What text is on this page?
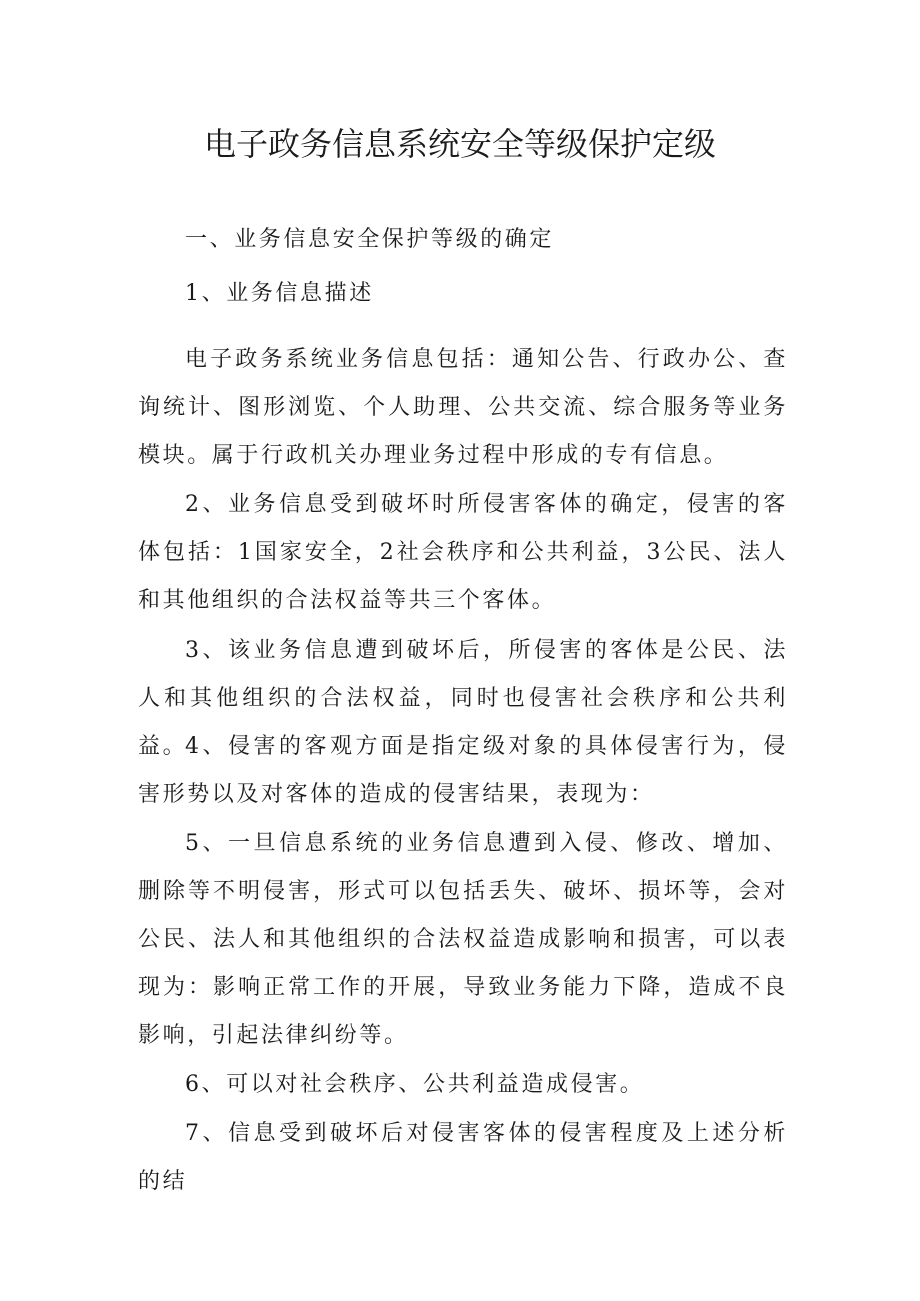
电子政务信息系统安全等级保护定级

一、业务信息安全保护等级的确定

1、业务信息描述

电子政务系统业务信息包括：通知公告、行政办公、查询统计、图形浏览、个人助理、公共交流、综合服务等业务模块。属于行政机关办理业务过程中形成的专有信息。

2、业务信息受到破坏时所侵害客体的确定，侵害的客体包括：1国家安全，2社会秩序和公共利益，3公民、法人和其他组织的合法权益等共三个客体。

3、该业务信息遭到破坏后，所侵害的客体是公民、法人和其他组织的合法权益，同时也侵害社会秩序和公共利益。

4、侵害的客观方面是指定级对象的具体侵害行为，侵害形势以及对客体的造成的侵害结果，表现为：

5、一旦信息系统的业务信息遭到入侵、修改、增加、删除等不明侵害，形式可以包括丢失、破坏、损坏等，会对公民、法人和其他组织的合法权益造成影响和损害，可以表现为：影响正常工作的开展，导致业务能力下降，造成不良影响，引起法律纠纷等。

6、可以对社会秩序、公共利益造成侵害。

7、信息受到破坏后对侵害客体的侵害程度及上述分析的结
